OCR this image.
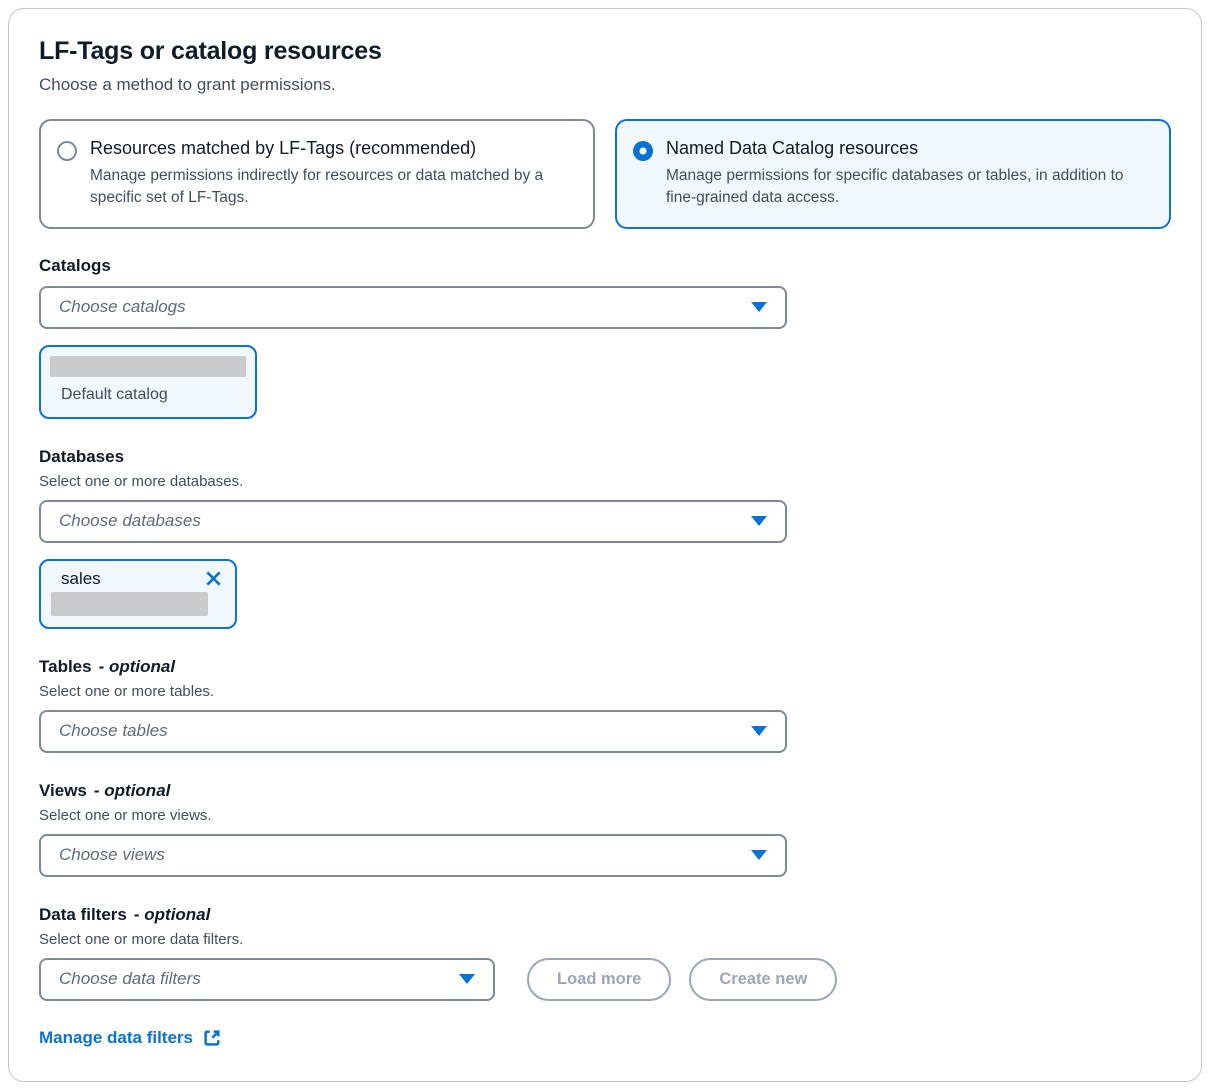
LF-Tags or catalog resources
Choose a method to grant permissions.
Resources matched by LF-Tags (recommended)
Manage permissions indirectly for resources or data matched by a specific set of LF-Tags.
Named Data Catalog resources
Manage permissions for specific databases or tables, in addition to fine-grained data access.
Catalogs
Choose catalogs
Default catalog
Databases
Select one or more databases.
Choose databases
sales
Tables - optional
Select one or more tables.
Choose tables
Views - optional
Select one or more views.
Choose views
Data filters - optional
Select one or more data filters.
Choose data filters	Load more	Create new
Manage data filters
